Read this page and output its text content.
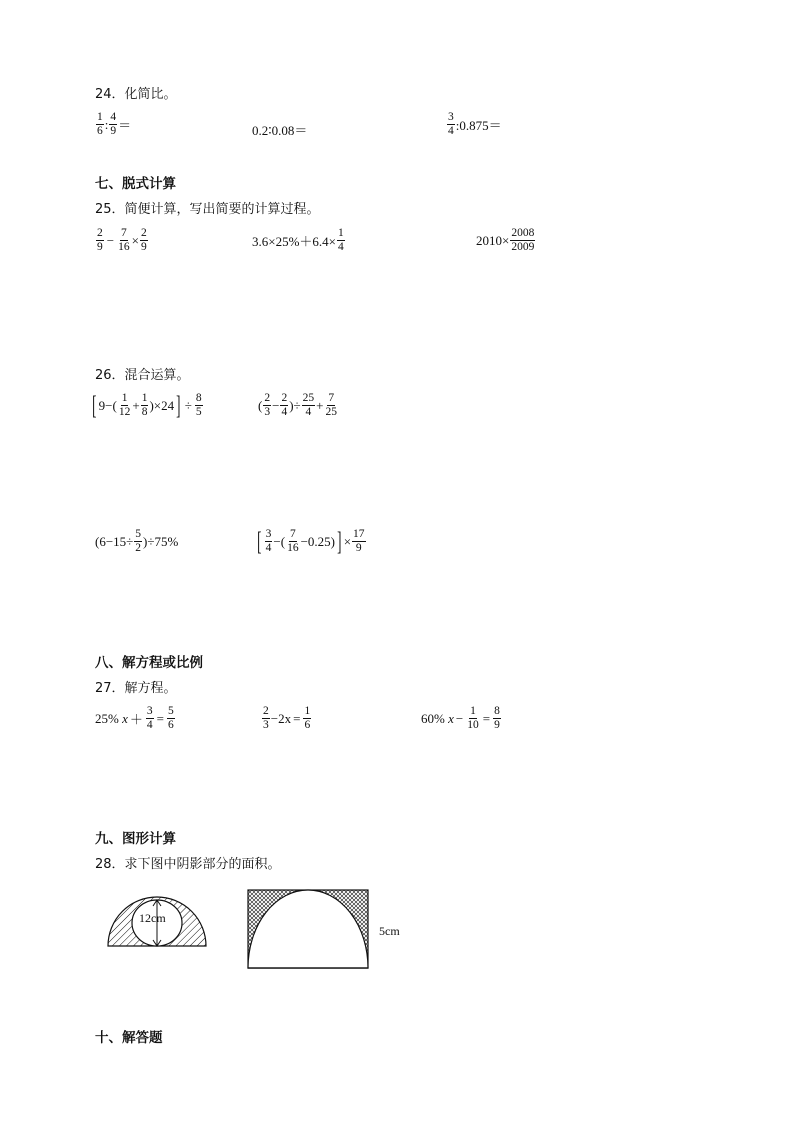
24．化简比。
1
6 : 4
9 ＝	0.2∶0.08＝
3
4 :0.875＝
七、脱式计算
25．简便计算，写出简要的计算过程。
2
$9 - \frac{7}{16} \times \frac{2}{9}$	$3.6\times 25\%+6.4\times \frac{1}{4}$	$2010\times \frac{2008}{2009}$
26．混合运算。
[ 9−( 1
$12 + \frac{1}{8} )\times 24$ ] ÷ $\frac{8}{5}$	( 2
$3 - \frac{2}{4}$ )÷ $\frac{25}{4} + \frac{7}{25}$
$(6-15\div \frac{5}{2} )\div 75\%$	[ 3
4 −( 7
16 −0.25) ] × $\frac{17}{9}$
八、解方程或比例
27．解方程。
25%
$x + \frac{3}{4} = \frac{5}{6}$	2
$3 -2x = \frac{1}{6}$	60%
$x - \frac{1}{10} = \frac{8}{9}$
九、图形计算
28．求下图中阴影部分的面积。
12cm
5cm
十、解答题
